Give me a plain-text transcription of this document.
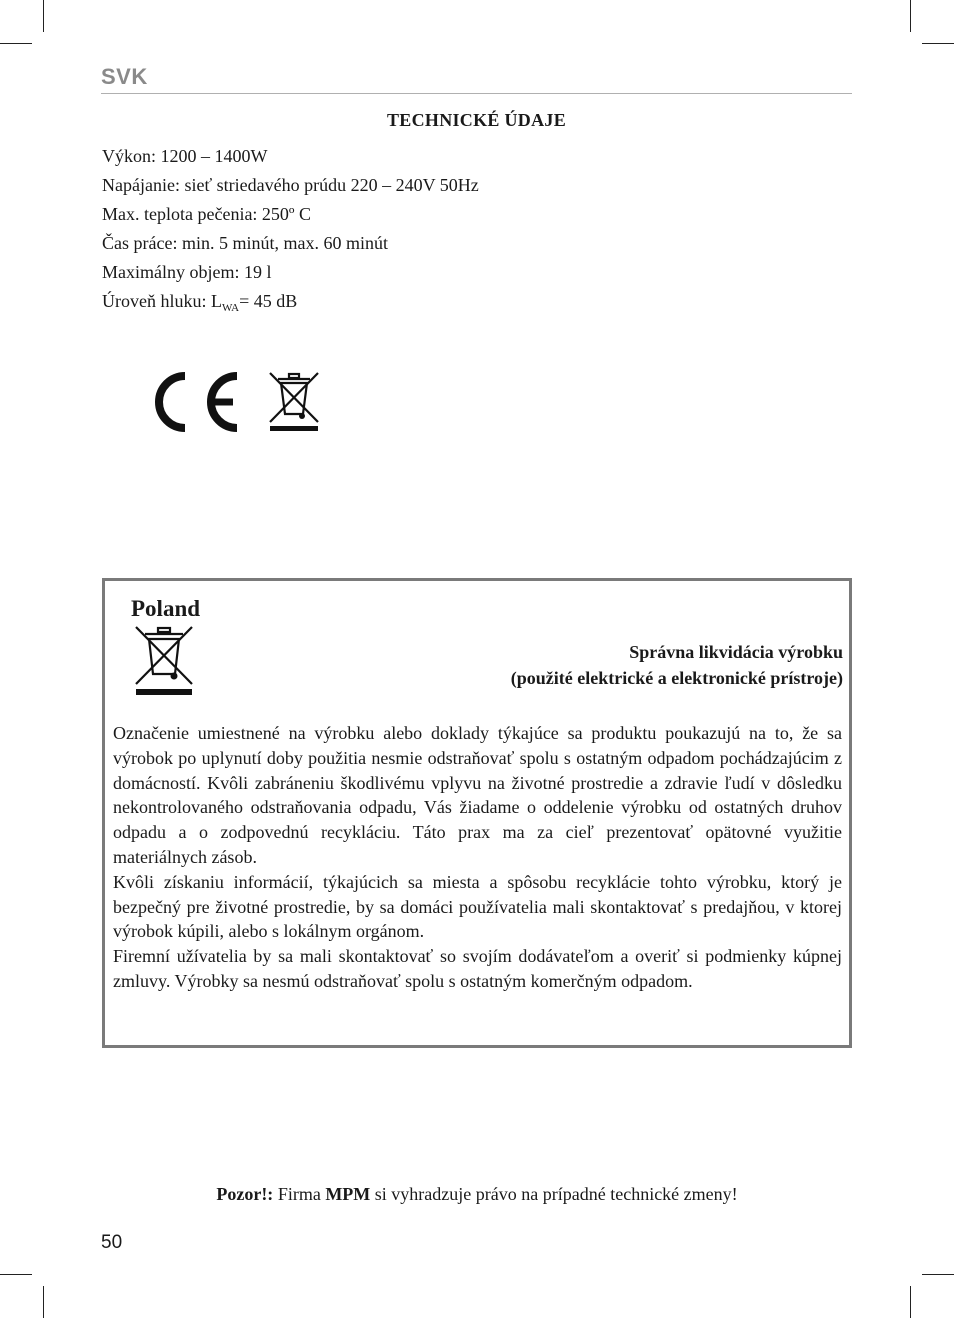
SVK
TECHNICKÉ ÚDAJE
Výkon: 1200 – 1400W
Napájanie: sieť striedavého prúdu 220 – 240V 50Hz
Max. teplota pečenia: 250º C
Čas práce: min. 5 minút, max. 60 minút
Maximálny objem: 19 l
Úroveň hluku: $L_{WA}= 45$ dB
Poland
Správna likvidácia výrobku
(použité elektrické a elektronické prístroje)

Označenie umiestnené na výrobku alebo doklady týkajúce sa produktu poukazujú na to, že sa výrobok po uplynutí doby použitia nesmie odstraňovať spolu s ostatným odpadom pochádzajúcim z domácností. Kvôli zabráneniu škodlivému vplyvu na životné prostredie a zdravie ľudí v dôsledku nekontrolovaného odstraňovania odpadu, Vás žiadame o oddelenie výrobku od ostatných druhov odpadu a o zodpovednú recykláciu. Táto prax ma za cieľ prezentovať opätovné využitie materiálnych zásob.

Kvôli získaniu informácií, týkajúcich sa miesta a spôsobu recyklácie tohto výrobku, ktorý je bezpečný pre životné prostredie, by sa domáci používatelia mali skontaktovať s predajňou, v ktorej výrobok kúpili, alebo s lokálnym orgánom.

Firemní užívatelia by sa mali skontaktovať so svojím dodávateľom a overiť si podmienky kúpnej zmluvy. Výrobky sa nesmú odstraňovať spolu s ostatným komerčným odpadom.

Pozor!: Firma MPM si vyhradzuje právo na prípadné technické zmeny!
50
